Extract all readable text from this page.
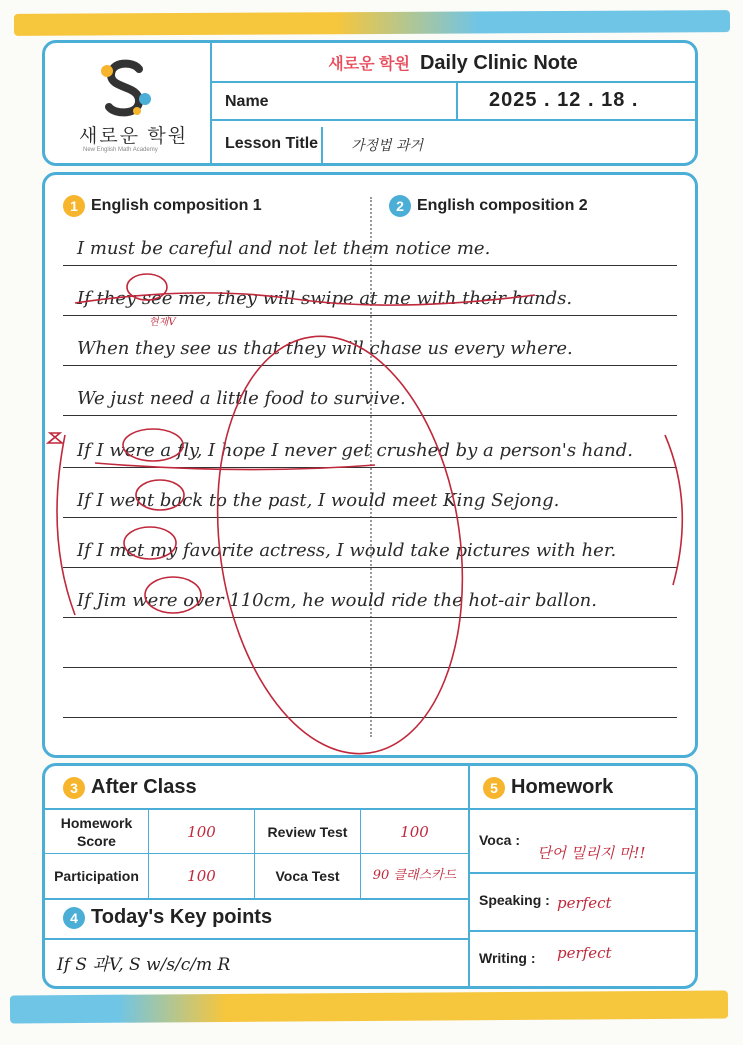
새로운 학원
New English Math Academy
새로운 학원 Daily Clinic Note
Name	2025 . 12 . 18 .
Lesson Title 가정법 과거
1 English composition 1	2 English composition 2
I must be careful and not let them notice me.
If they see me, they will swipe at me with their hands.
When they see us that they will chase us every where.
We just need a little food to survive.
If I were a fly, I hope I never get crushed by a person's hand.
If I went back to the past, I would meet King Sejong.
If I met my favorite actress, I would take pictures with her.
If Jim were over 110cm, he would ride the hot-air ballon.
현재V
3 After Class
Homework Score	100	Review Test	100
Participation	100	Voca Test	90 클래스카드
4 Today's Key points
If S 과V, S w/s/c/m R
5 Homework
Voca :
단어 밀리지 마!!
Speaking : perfect
Writing : perfect
